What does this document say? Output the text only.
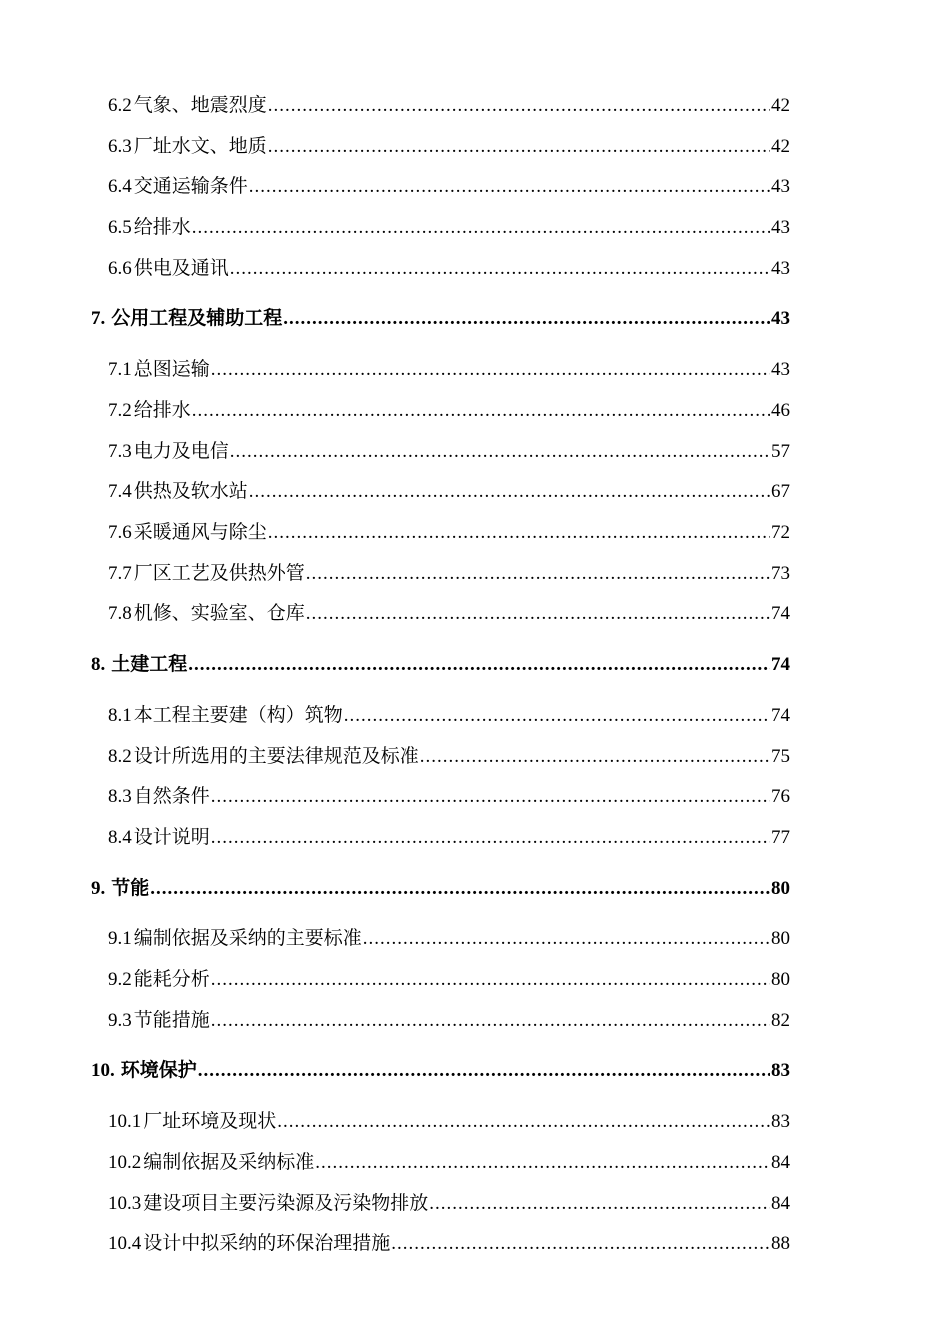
6.2 气象、地震烈度 .....	42
6.3 厂址水文、地质 .....	42
6.4 交通运输条件 .....	43
6.5 给排水 .....	43
6.6 供电及通讯 .....	43
7. 公用工程及辅助工程 .....	43
7.1 总图运输 .....	43
7.2 给排水 .....	46
7.3 电力及电信 .....	57
7.4 供热及软水站 .....	67
7.6 采暖通风与除尘 .....	72
7.7 厂区工艺及供热外管 .....	73
7.8 机修、实验室、仓库 .....	74
8. 土建工程 .....	74
8.1 本工程主要建（构）筑物 .....	74
8.2 设计所选用的主要法律规范及标准 .....	75
8.3 自然条件 .....	76
8.4 设计说明 .....	77
9. 节能 .....	80
9.1 编制依据及采纳的主要标准 .....	80
9.2 能耗分析 .....	80
9.3 节能措施 .....	82
10. 环境保护 .....	83
10.1 厂址环境及现状 .....	83
10.2 编制依据及采纳标准 .....	84
10.3 建设项目主要污染源及污染物排放 .....	84
10.4 设计中拟采纳的环保治理措施 .....	88
